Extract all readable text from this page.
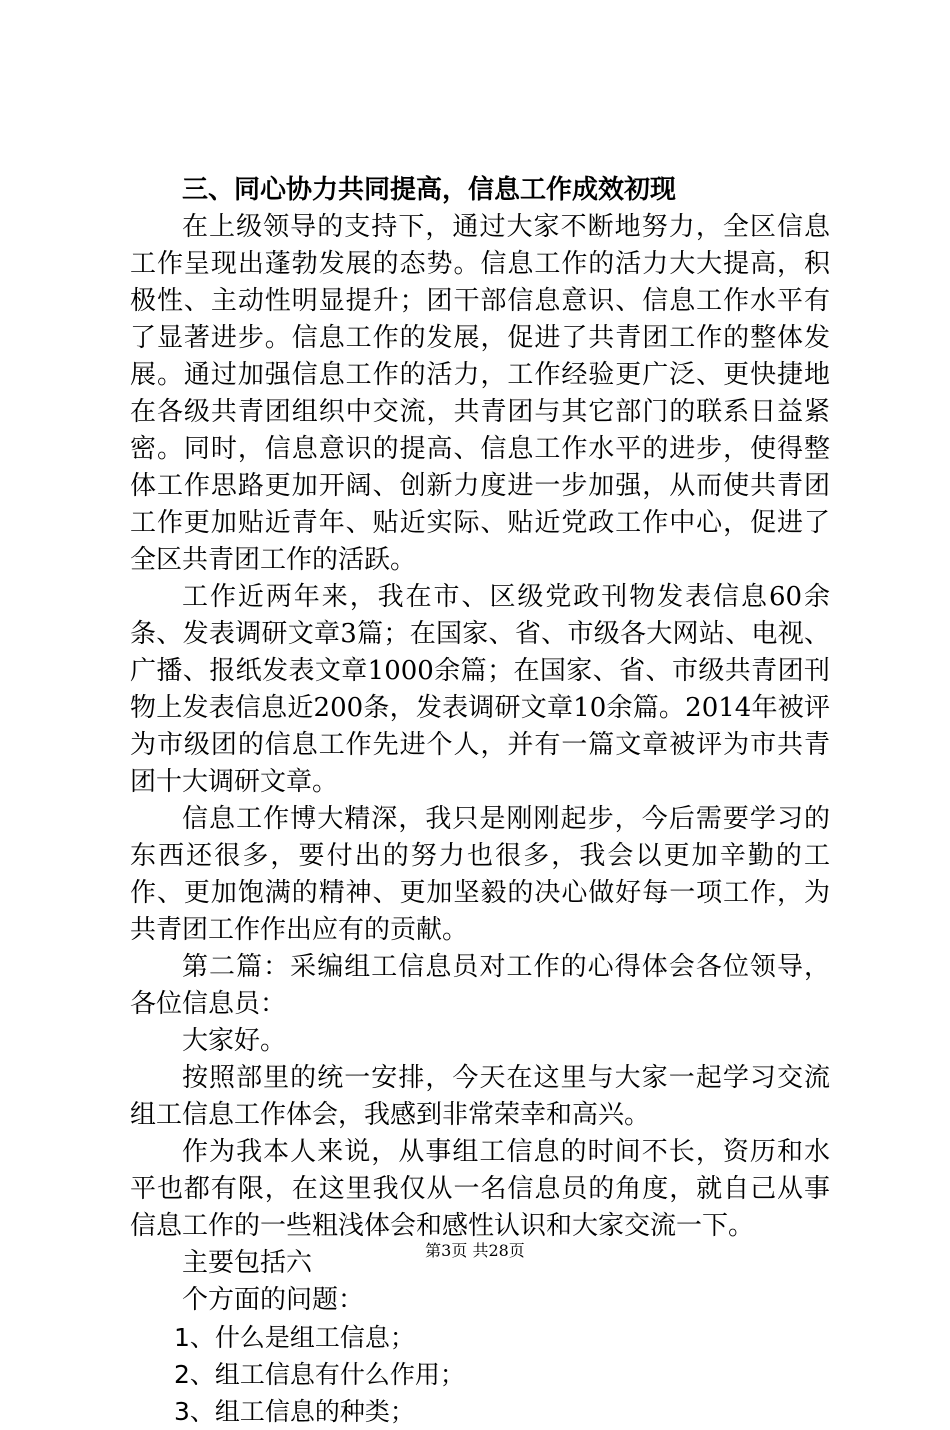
三、同心协力共同提高，信息工作成效初现

在上级领导的支持下，通过大家不断地努力，全区信息工作呈现出蓬勃发展的态势。信息工作的活力大大提高，积极性、主动性明显提升；团干部信息意识、信息工作水平有了显著进步。信息工作的发展，促进了共青团工作的整体发展。通过加强信息工作的活力，工作经验更广泛、更快捷地在各级共青团组织中交流，共青团与其它部门的联系日益紧密。同时，信息意识的提高、信息工作水平的进步，使得整体工作思路更加开阔、创新力度进一步加强，从而使共青团工作更加贴近青年、贴近实际、贴近党政工作中心，促进了全区共青团工作的活跃。

工作近两年来，我在市、区级党政刊物发表信息60余条、发表调研文章3篇；在国家、省、市级各大网站、电视、广播、报纸发表文章1000余篇；在国家、省、市级共青团刊物上发表信息近200条，发表调研文章10余篇。2014年被评为市级团的信息工作先进个人，并有一篇文章被评为市共青团十大调研文章。

信息工作博大精深，我只是刚刚起步，今后需要学习的东西还很多，要付出的努力也很多，我会以更加辛勤的工作、更加饱满的精神、更加坚毅的决心做好每一项工作，为共青团工作作出应有的贡献。

第二篇：采编组工信息员对工作的心得体会各位领导，各位信息员：

大家好。

按照部里的统一安排，今天在这里与大家一起学习交流组工信息工作体会，我感到非常荣幸和高兴。

作为我本人来说，从事组工信息的时间不长，资历和水平也都有限，在这里我仅从一名信息员的角度，就自己从事信息工作的一些粗浅体会和感性认识和大家交流一下。

主要包括六

个方面的问题：

1、什么是组工信息；

2、组工信息有什么作用；

3、组工信息的种类；

第3页 共28页
